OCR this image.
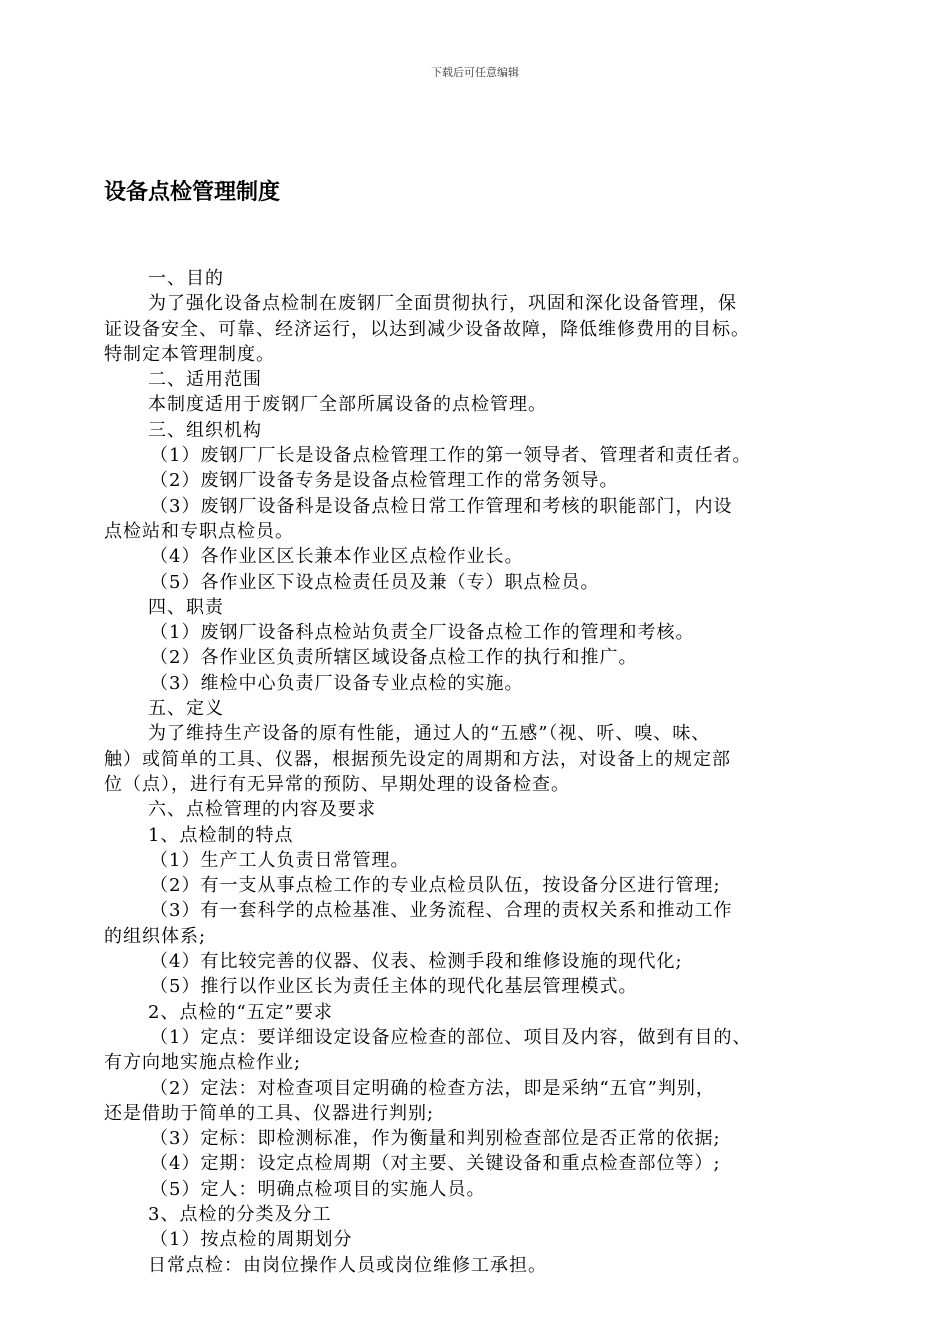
下载后可任意编辑
设备点检管理制度
一、目的
为了强化设备点检制在废钢厂全面贯彻执行，巩固和深化设备管理，保
证设备安全、可靠、经济运行，以达到减少设备故障，降低维修费用的目标。
特制定本管理制度。
二、适用范围
本制度适用于废钢厂全部所属设备的点检管理。
三、组织机构
（1）废钢厂厂长是设备点检管理工作的第一领导者、管理者和责任者。
（2）废钢厂设备专务是设备点检管理工作的常务领导。
（3）废钢厂设备科是设备点检日常工作管理和考核的职能部门，内设
点检站和专职点检员。
（4）各作业区区长兼本作业区点检作业长。
（5）各作业区下设点检责任员及兼（专）职点检员。
四、职责
（1）废钢厂设备科点检站负责全厂设备点检工作的管理和考核。
（2）各作业区负责所辖区域设备点检工作的执行和推广。
（3）维检中心负责厂设备专业点检的实施。
五、定义
为了维持生产设备的原有性能，通过人的“五感”（视、听、嗅、味、
触）或简单的工具、仪器，根据预先设定的周期和方法，对设备上的规定部
位（点），进行有无异常的预防、早期处理的设备检查。
六、点检管理的内容及要求
1、点检制的特点
（1）生产工人负责日常管理。
（2）有一支从事点检工作的专业点检员队伍，按设备分区进行管理;
（3）有一套科学的点检基准、业务流程、合理的责权关系和推动工作
的组织体系;
（4）有比较完善的仪器、仪表、检测手段和维修设施的现代化;
（5）推行以作业区长为责任主体的现代化基层管理模式。
2、点检的“五定”要求
（1）定点：要详细设定设备应检查的部位、项目及内容，做到有目的、
有方向地实施点检作业;
（2）定法：对检查项目定明确的检查方法，即是采纳“五官”判别，
还是借助于简单的工具、仪器进行判别;
（3）定标：即检测标准，作为衡量和判别检查部位是否正常的依据;
（4）定期：设定点检周期（对主要、关键设备和重点检查部位等）;
（5）定人：明确点检项目的实施人员。
3、点检的分类及分工
（1）按点检的周期划分
日常点检：由岗位操作人员或岗位维修工承担。
